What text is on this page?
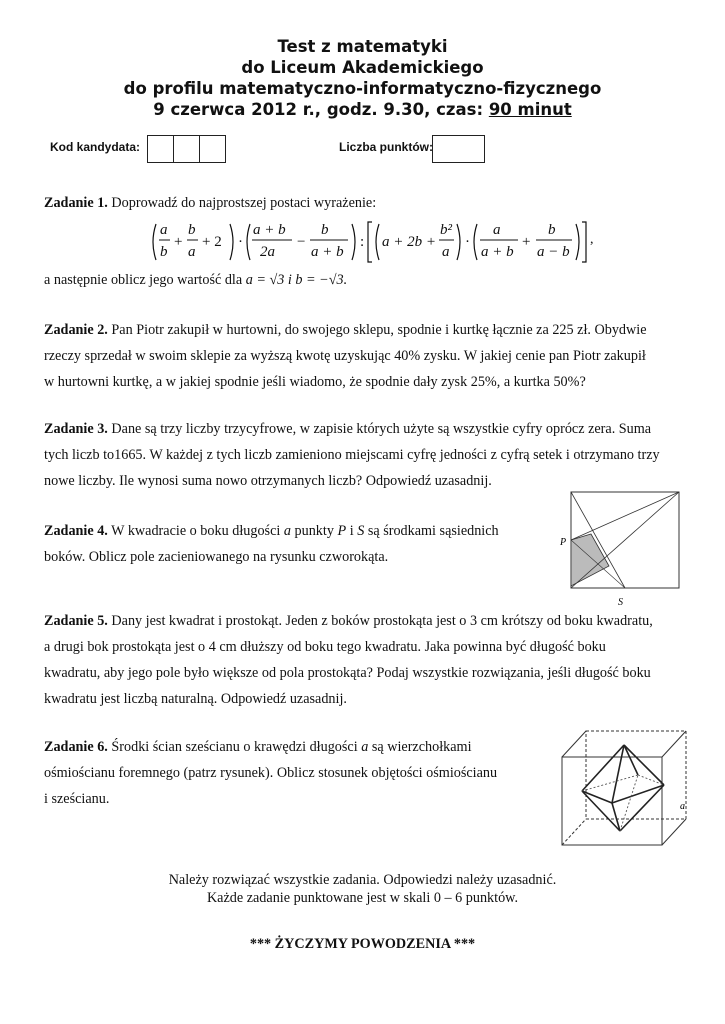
Test z matematyki
do Liceum Akademickiego
do profilu matematyczno-informatyczno-fizycznego
9 czerwca 2012 r., godz. 9.30, czas: 90 minut
Kod kandydata:	Liczba punktów:
Zadanie 1. Doprowadź do najprostszej postaci wyrażenie:
a
b
+
b
a
+ 2 ·
a + b
2a
−
b
a + b
: a + 2b +
b²
a
·
a
a + b
+
b
a − b
,
a następnie oblicz jego wartość dla a = √3 i b = −√3.
Zadanie 2. Pan Piotr zakupił w hurtowni, do swojego sklepu, spodnie i kurtkę łącznie za 225 zł. Obydwie
rzeczy sprzedał w swoim sklepie za wyższą kwotę uzyskując 40% zysku. W jakiej cenie pan Piotr zakupił
w hurtowni kurtkę, a w jakiej spodnie jeśli wiadomo, że spodnie dały zysk 25%, a kurtka 50%?
Zadanie 3. Dane są trzy liczby trzycyfrowe, w zapisie których użyte są wszystkie cyfry oprócz zera. Suma
tych liczb to1665. W każdej z tych liczb zamieniono miejscami cyfrę jedności z cyfrą setek i otrzymano trzy
nowe liczby. Ile wynosi suma nowo otrzymanych liczb? Odpowiedź uzasadnij.
Zadanie 4. W kwadracie o boku długości a punkty P i S są środkami sąsiednich
boków. Oblicz pole zacieniowanego na rysunku czworokąta.
P
S
Zadanie 5. Dany jest kwadrat i prostokąt. Jeden z boków prostokąta jest o 3 cm krótszy od boku kwadratu,
a drugi bok prostokąta jest o 4 cm dłuższy od boku tego kwadratu. Jaka powinna być długość boku
kwadratu, aby jego pole było większe od pola prostokąta? Podaj wszystkie rozwiązania, jeśli długość boku
kwadratu jest liczbą naturalną. Odpowiedź uzasadnij.
Zadanie 6. Środki ścian sześcianu o krawędzi długości a są wierzchołkami
ośmiościanu foremnego (patrz rysunek). Oblicz stosunek objętości ośmiościanu
i sześcianu.	a
Należy rozwiązać wszystkie zadania. Odpowiedzi należy uzasadnić.
Każde zadanie punktowane jest w skali 0 – 6 punktów.
*** ŻYCZYMY POWODZENIA ***
